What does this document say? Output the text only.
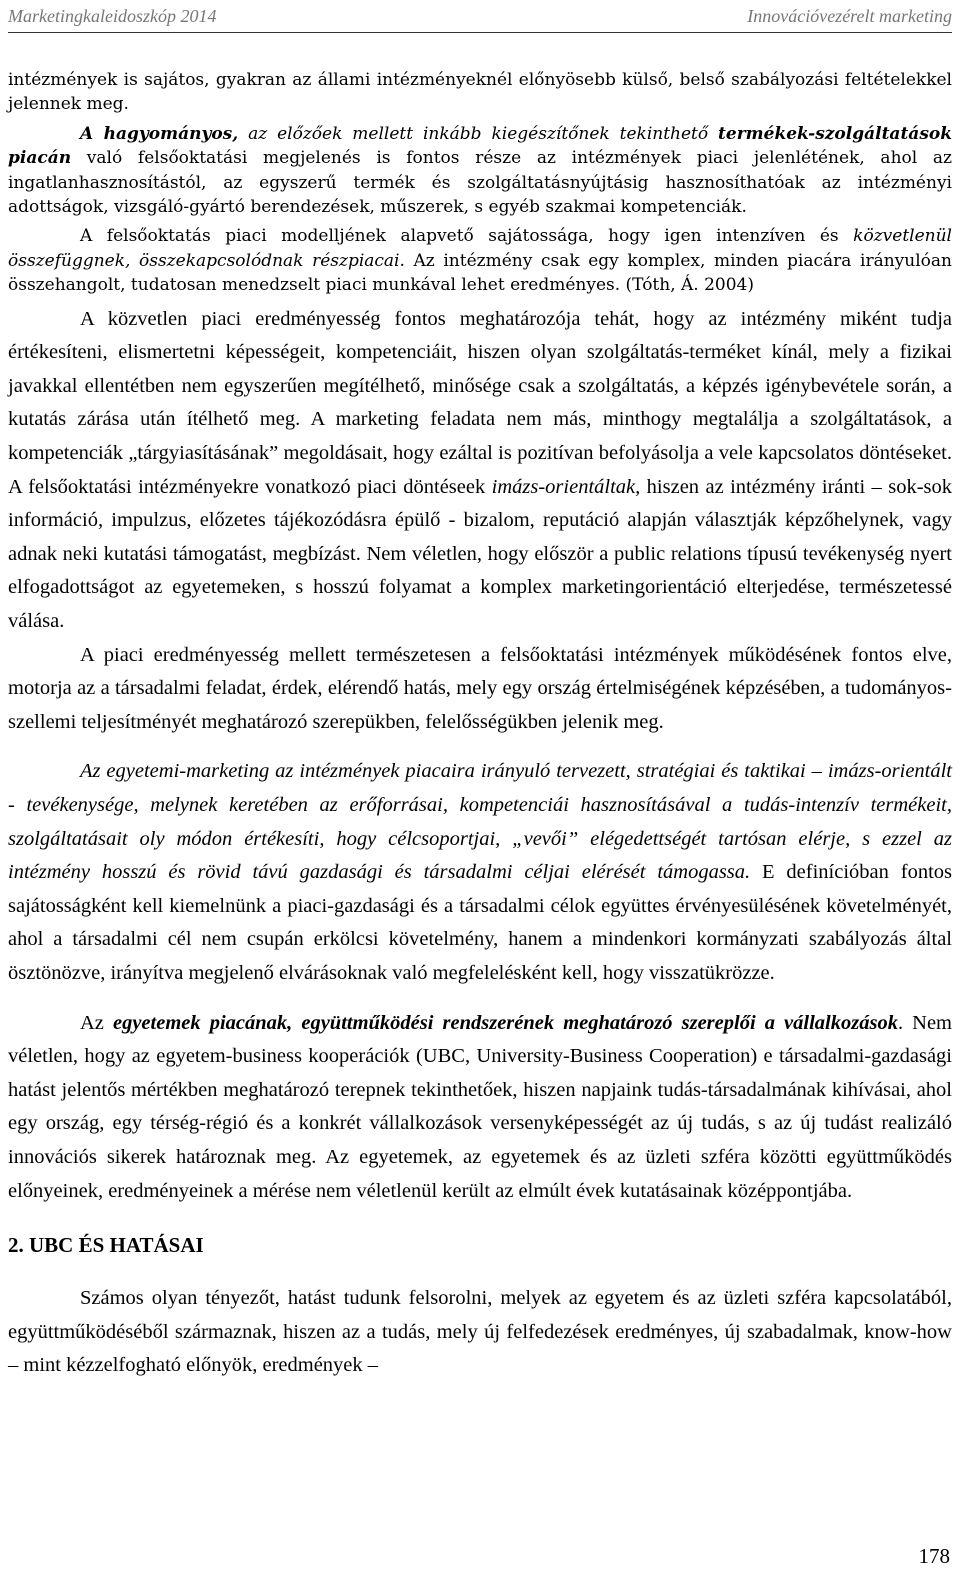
Marketingkaleidoszkóp 2014	Innovációvezérelt marketing

intézmények is sajátos, gyakran az állami intézményeknél előnyösebb külső, belső szabályozási feltételekkel jelennek meg.

A hagyományos, az előzőek mellett inkább kiegészítőnek tekinthető termékek-szolgáltatások piacán való felsőoktatási megjelenés is fontos része az intézmények piaci jelenlétének, ahol az ingatlanhasznosítástól, az egyszerű termék és szolgáltatásnyújtásig hasznosíthatóak az intézményi adottságok, vizsgáló-gyártó berendezések, műszerek, s egyéb szakmai kompetenciák.

A felsőoktatás piaci modelljének alapvető sajátossága, hogy igen intenzíven és közvetlenül összefüggnek, összekapcsolódnak részpiacai. Az intézmény csak egy komplex, minden piacára irányulóan összehangolt, tudatosan menedzselt piaci munkával lehet eredményes. (Tóth, Á. 2004)

A közvetlen piaci eredményesség fontos meghatározója tehát, hogy az intézmény miként tudja értékesíteni, elismertetni képességeit, kompetenciáit, hiszen olyan szolgáltatás-terméket kínál, mely a fizikai javakkal ellentétben nem egyszerűen megítélhető, minősége csak a szolgáltatás, a képzés igénybevétele során, a kutatás zárása után ítélhető meg. A marketing feladata nem más, minthogy megtalálja a szolgáltatások, a kompetenciák „tárgyiasításának” megoldásait, hogy ezáltal is pozitívan befolyásolja a vele kapcsolatos döntéseket. A felsőoktatási intézményekre vonatkozó piaci döntéseek imázs-orientáltak, hiszen az intézmény iránti – sok-sok információ, impulzus, előzetes tájékozódásra épülő - bizalom, reputáció alapján választják képzőhelynek, vagy adnak neki kutatási támogatást, megbízást. Nem véletlen, hogy először a public relations típusú tevékenység nyert elfogadottságot az egyetemeken, s hosszú folyamat a komplex marketingorientáció elterjedése, természetessé válása.

A piaci eredményesség mellett természetesen a felsőoktatási intézmények működésének fontos elve, motorja az a társadalmi feladat, érdek, elérendő hatás, mely egy ország értelmiségének képzésében, a tudományos-szellemi teljesítményét meghatározó szerepükben, felelősségükben jelenik meg.

Az egyetemi-marketing az intézmények piacaira irányuló tervezett, stratégiai és taktikai – imázs-orientált - tevékenysége, melynek keretében az erőforrásai, kompetenciái hasznosításával a tudás-intenzív termékeit, szolgáltatásait oly módon értékesíti, hogy célcsoportjai, „vevői” elégedettségét tartósan elérje, s ezzel az intézmény hosszú és rövid távú gazdasági és társadalmi céljai elérését támogassa. E definícióban fontos sajátosságként kell kiemelnünk a piaci-gazdasági és a társadalmi célok együttes érvényesülésének követelményét, ahol a társadalmi cél nem csupán erkölcsi követelmény, hanem a mindenkori kormányzati szabályozás által ösztönözve, irányítva megjelenő elvárásoknak való megfelelésként kell, hogy visszatükrözze.

Az egyetemek piacának, együttműködési rendszerének meghatározó szereplői a vállalkozások. Nem véletlen, hogy az egyetem-business kooperációk (UBC, University-Business Cooperation) e társadalmi-gazdasági hatást jelentős mértékben meghatározó terepnek tekinthetőek, hiszen napjaink tudás-társadalmának kihívásai, ahol egy ország, egy térség-régió és a konkrét vállalkozások versenyképességét az új tudás, s az új tudást realizáló innovációs sikerek határoznak meg. Az egyetemek, az egyetemek és az üzleti szféra közötti együttműködés előnyeinek, eredményeinek a mérése nem véletlenül került az elmúlt évek kutatásainak középpontjába.

2. UBC ÉS HATÁSAI

Számos olyan tényezőt, hatást tudunk felsorolni, melyek az egyetem és az üzleti szféra kapcsolatából, együttműködéséből származnak, hiszen az a tudás, mely új felfedezések eredményes, új szabadalmak, know-how – mint kézzelfogható előnyök, eredmények –

178
